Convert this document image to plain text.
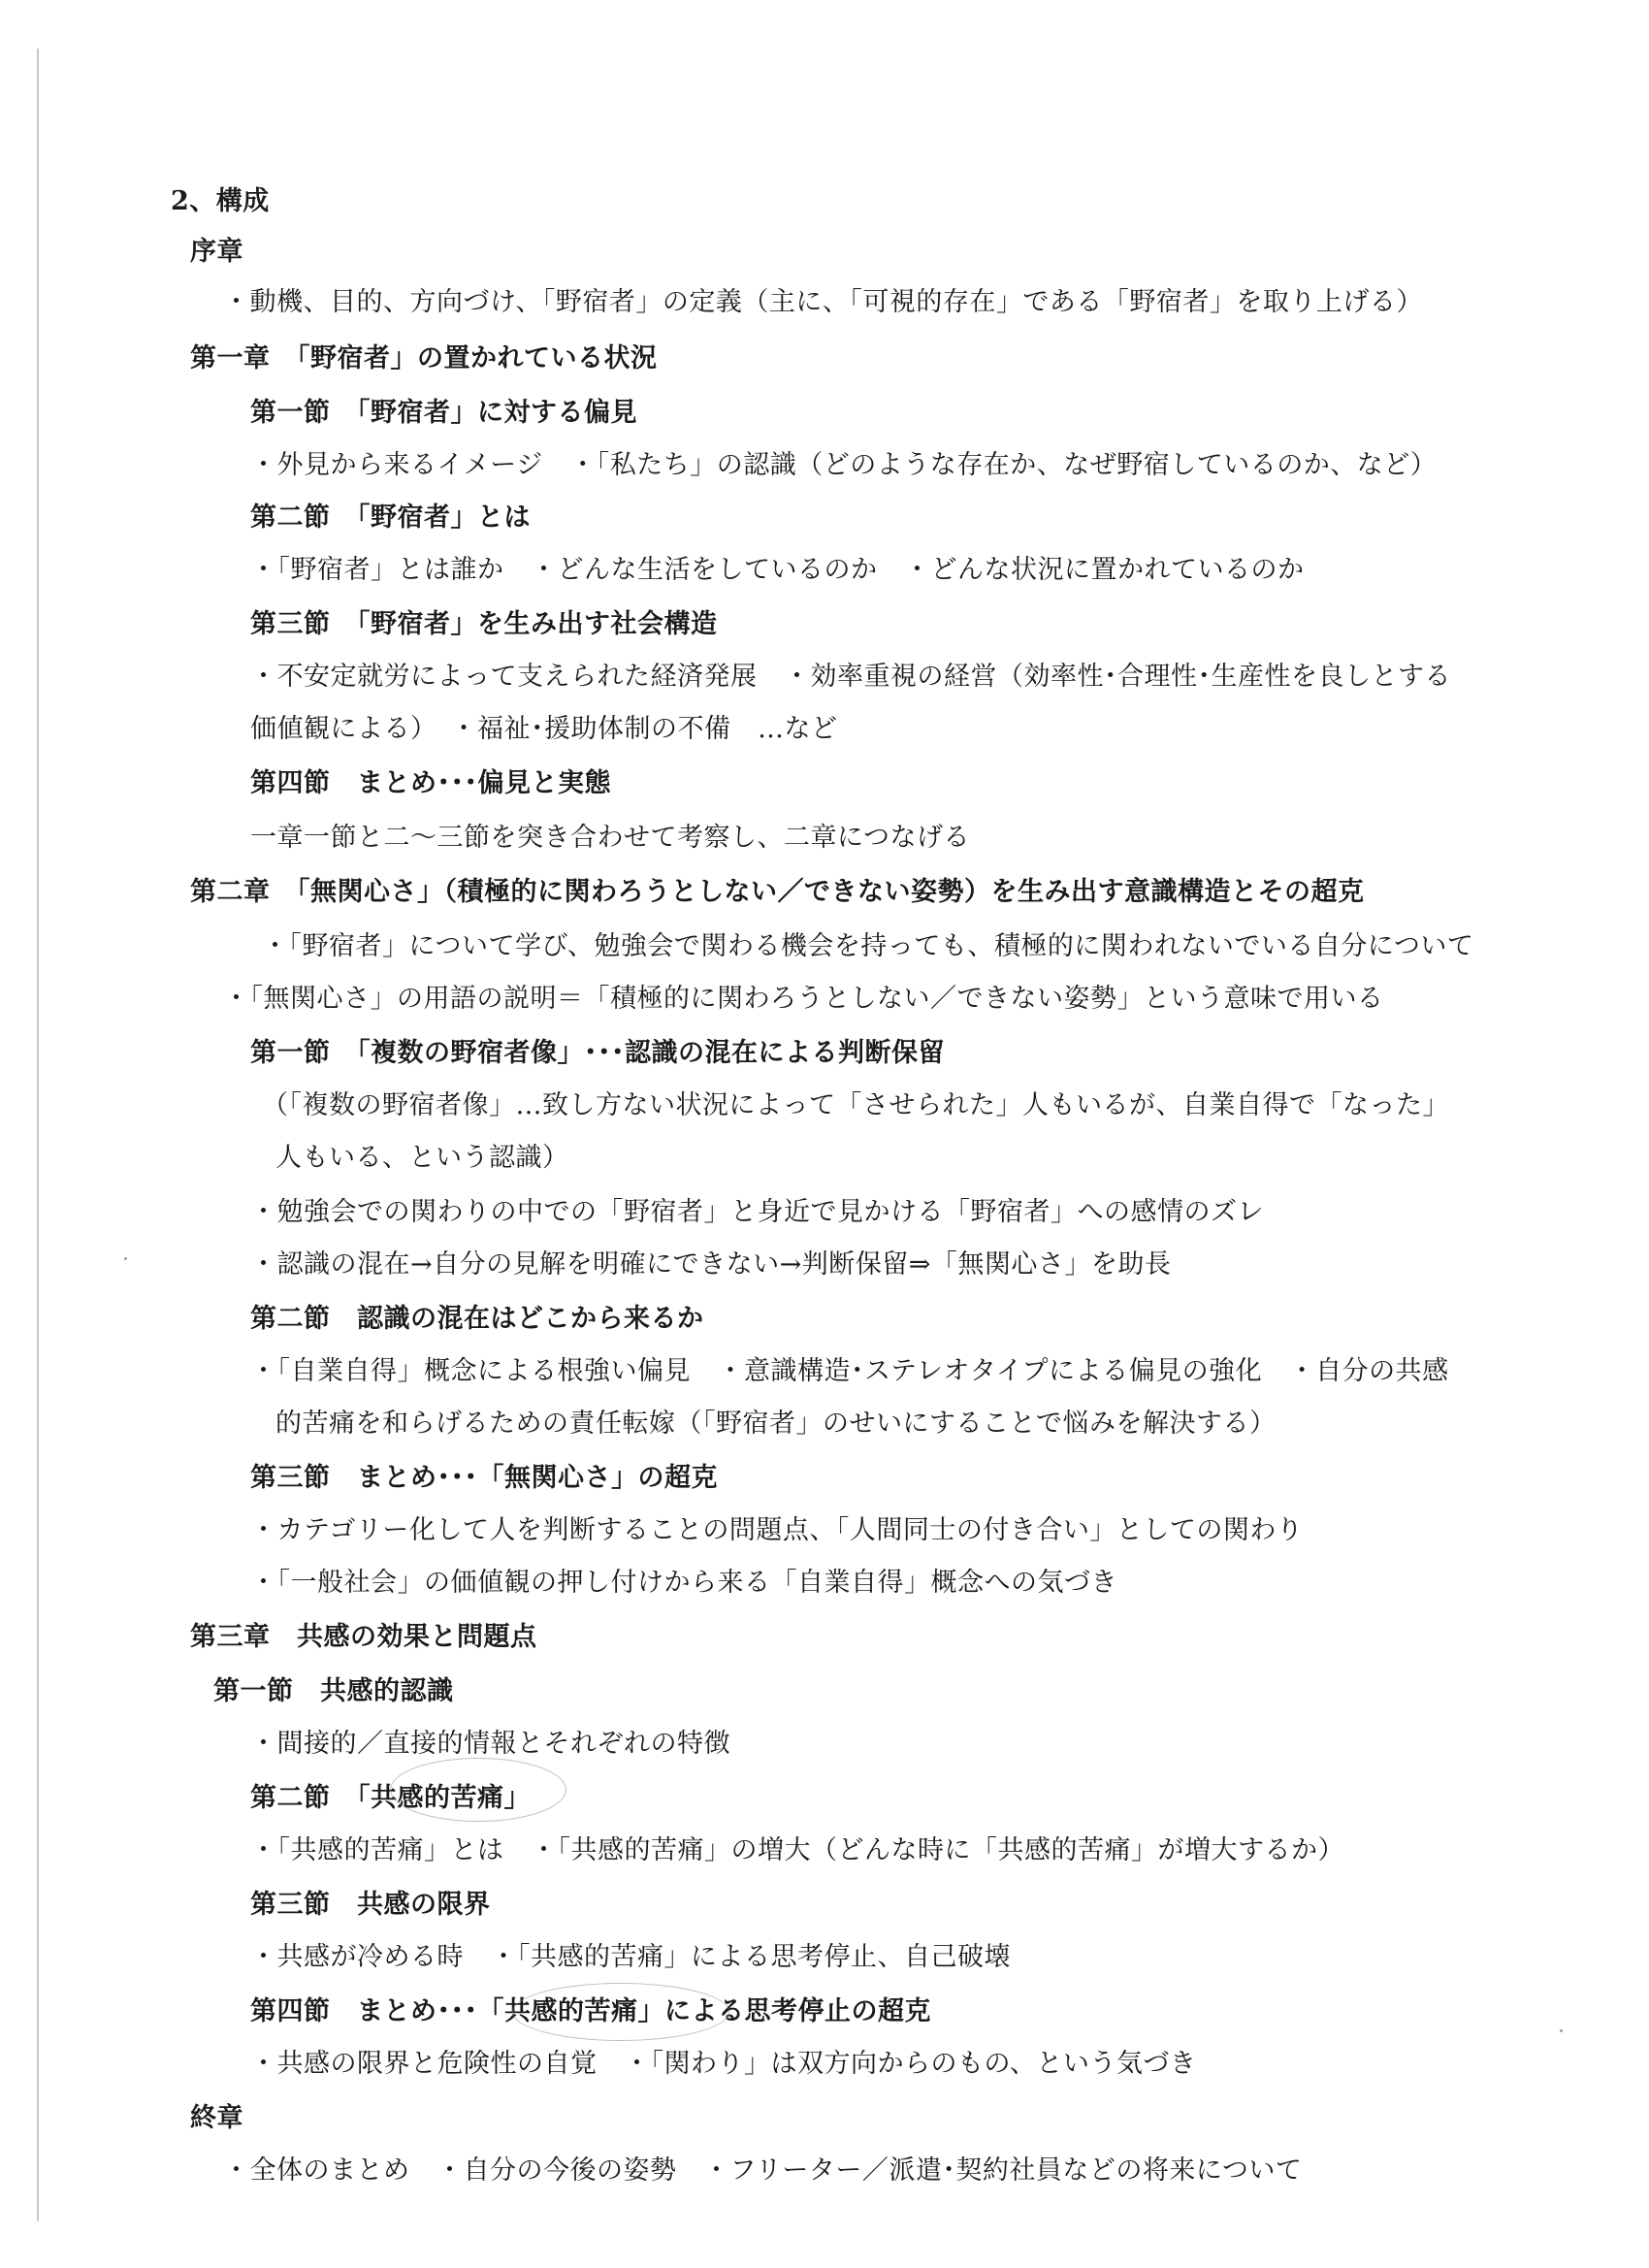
2、構成
序章
・動機、目的、方向づけ、「野宿者」の定義（主に、「可視的存在」である「野宿者」を取り上げる）
第一章　「野宿者」の置かれている状況
第一節　「野宿者」に対する偏見
・外見から来るイメージ　・「私たち」の認識（どのような存在か、なぜ野宿しているのか、など）
第二節　「野宿者」とは
・「野宿者」とは誰か　・どんな生活をしているのか　・どんな状況に置かれているのか
第三節　「野宿者」を生み出す社会構造
・不安定就労によって支えられた経済発展　・効率重視の経営（効率性･合理性･生産性を良しとする
価値観による）　・福祉･援助体制の不備　…など
第四節　まとめ･･･偏見と実態
一章一節と二～三節を突き合わせて考察し、二章につなげる
第二章　「無関心さ」（積極的に関わろうとしない／できない姿勢）を生み出す意識構造とその超克
・「野宿者」について学び、勉強会で関わる機会を持っても、積極的に関われないでいる自分について
・「無関心さ」の用語の説明＝「積極的に関わろうとしない／できない姿勢」という意味で用いる
第一節　「複数の野宿者像」･･･認識の混在による判断保留
（「複数の野宿者像」…致し方ない状況によって「させられた」人もいるが、自業自得で「なった」
人もいる、という認識）
・勉強会での関わりの中での「野宿者」と身近で見かける「野宿者」への感情のズレ
・認識の混在→自分の見解を明確にできない→判断保留⇒「無関心さ」を助長
第二節　認識の混在はどこから来るか
・「自業自得」概念による根強い偏見　・意識構造･ステレオタイプによる偏見の強化　・自分の共感
的苦痛を和らげるための責任転嫁（「野宿者」のせいにすることで悩みを解決する）
第三節　まとめ･･･「無関心さ」の超克
・カテゴリー化して人を判断することの問題点、「人間同士の付き合い」としての関わり
・「一般社会」の価値観の押し付けから来る「自業自得」概念への気づき
第三章　共感の効果と問題点
第一節　共感的認識
・間接的／直接的情報とそれぞれの特徴
第二節　「共感的苦痛」
・「共感的苦痛」とは　・「共感的苦痛」の増大（どんな時に「共感的苦痛」が増大するか）
第三節　共感の限界
・共感が冷める時　・「共感的苦痛」による思考停止、自己破壊
第四節　まとめ･･･「共感的苦痛」による思考停止の超克
・共感の限界と危険性の自覚　・「関わり」は双方向からのもの、という気づき
終章
・全体のまとめ　・自分の今後の姿勢　・フリーター／派遣･契約社員などの将来について
